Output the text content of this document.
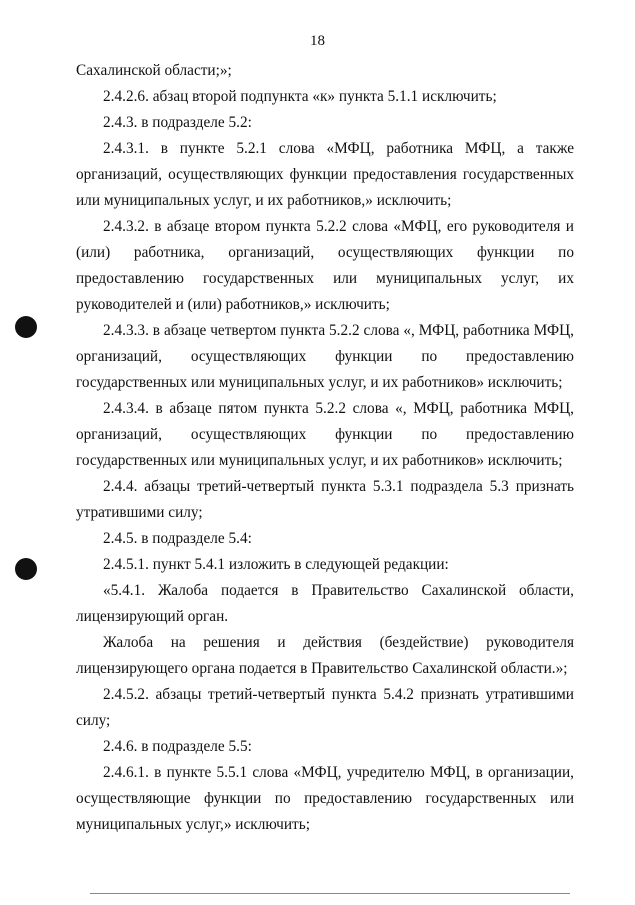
18

Сахалинской области;»;

2.4.2.6. абзац второй подпункта «к» пункта 5.1.1 исключить;

2.4.3. в подразделе 5.2:

2.4.3.1. в пункте 5.2.1 слова «МФЦ, работника МФЦ, а также организаций, осуществляющих функции предоставления государственных или муниципальных услуг, и их работников,» исключить;

2.4.3.2. в абзаце втором пункта 5.2.2 слова «МФЦ, его руководителя и (или) работника, организаций, осуществляющих функции по предоставлению государственных или муниципальных услуг, их руководителей и (или) работников,» исключить;

2.4.3.3. в абзаце четвертом пункта 5.2.2 слова «, МФЦ, работника МФЦ, организаций, осуществляющих функции по предоставлению государственных или муниципальных услуг, и их работников» исключить;

2.4.3.4. в абзаце пятом пункта 5.2.2 слова «, МФЦ, работника МФЦ, организаций, осуществляющих функции по предоставлению государственных или муниципальных услуг, и их работников» исключить;

2.4.4. абзацы третий-четвертый пункта 5.3.1 подраздела 5.3 признать утратившими силу;

2.4.5. в подразделе 5.4:

2.4.5.1. пункт 5.4.1 изложить в следующей редакции:

«5.4.1. Жалоба подается в Правительство Сахалинской области, лицензирующий орган.

Жалоба на решения и действия (бездействие) руководителя лицензирующего органа подается в Правительство Сахалинской области.»;

2.4.5.2. абзацы третий-четвертый пункта 5.4.2 признать утратившими силу;

2.4.6. в подразделе 5.5:

2.4.6.1. в пункте 5.5.1 слова «МФЦ, учредителю МФЦ, в организации, осуществляющие функции по предоставлению государственных или муниципальных услуг,» исключить;
